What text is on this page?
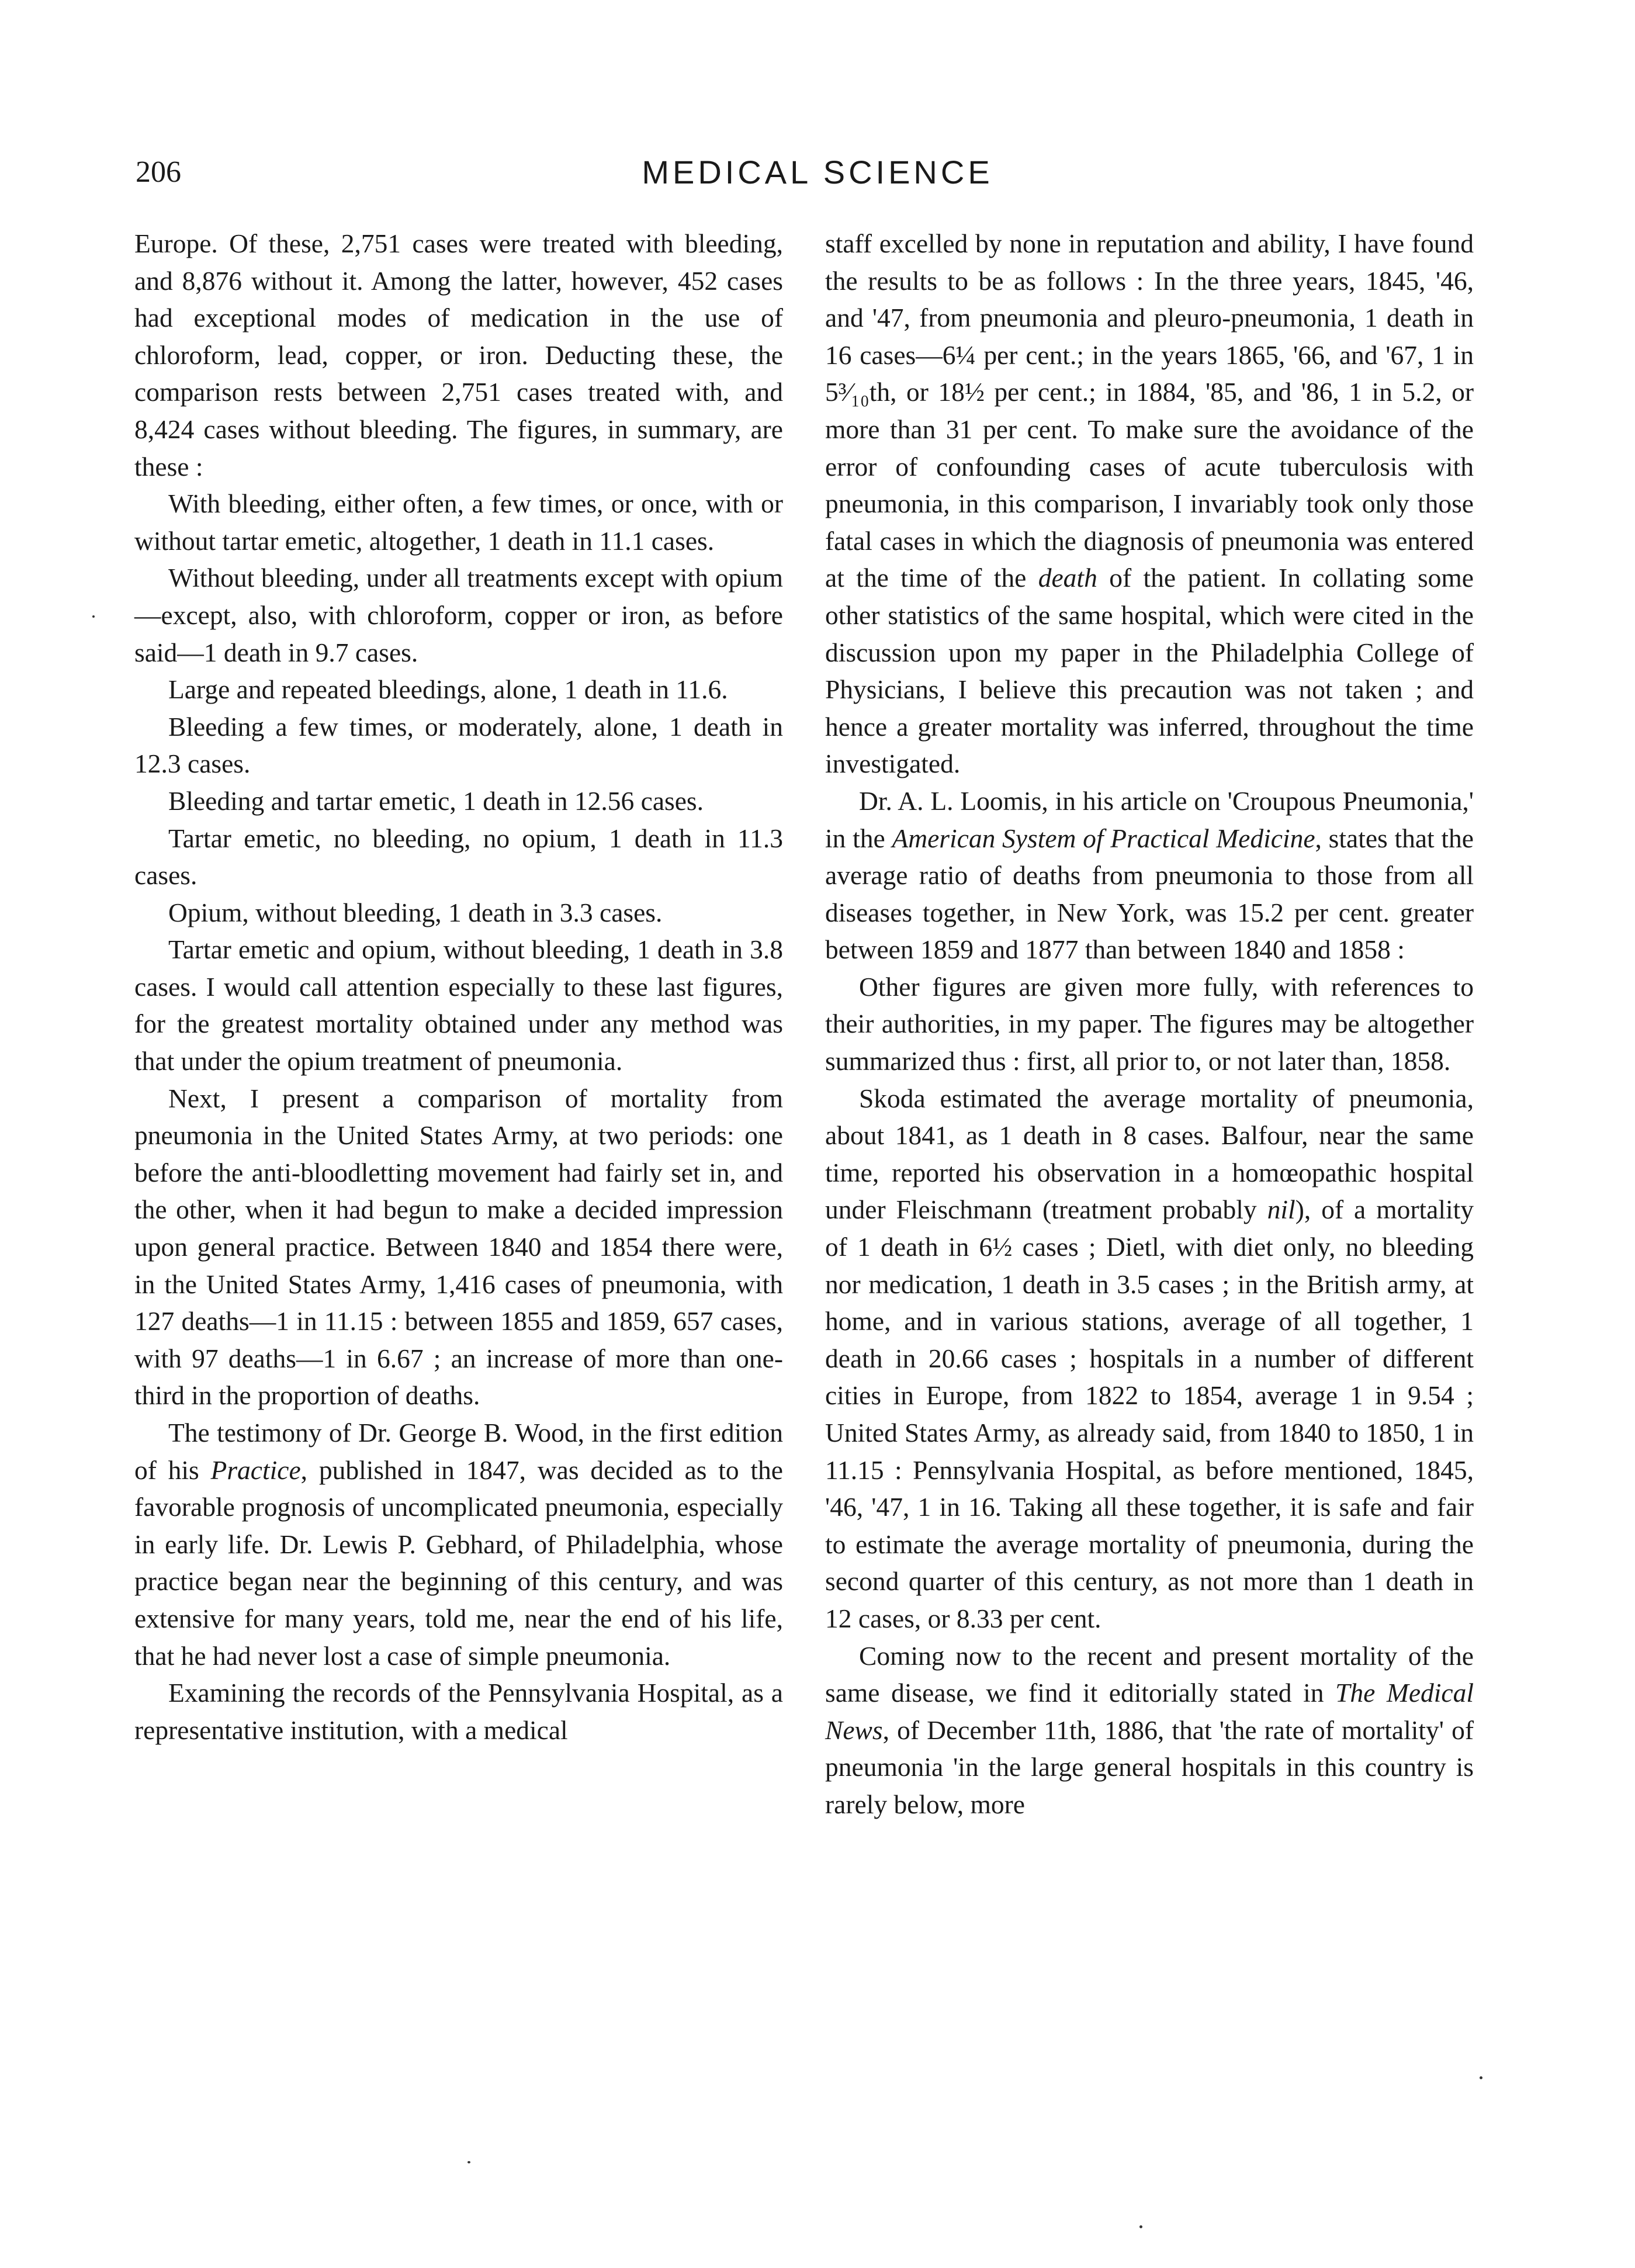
206	MEDICAL SCIENCE

Europe. Of these, 2,751 cases were treated with bleeding, and 8,876 without it. Among the latter, however, 452 cases had exceptional modes of medication in the use of chloroform, lead, copper, or iron. Deducting these, the comparison rests between 2,751 cases treated with, and 8,424 cases without bleeding. The figures, in summary, are these :

With bleeding, either often, a few times, or once, with or without tartar emetic, altogether, 1 death in 11.1 cases.

Without bleeding, under all treatments except with opium—except, also, with chloroform, copper or iron, as before said—1 death in 9.7 cases.

Large and repeated bleedings, alone, 1 death in 11.6.

Bleeding a few times, or moderately, alone, 1 death in 12.3 cases.

Bleeding and tartar emetic, 1 death in 12.56 cases.

Tartar emetic, no bleeding, no opium, 1 death in 11.3 cases.

Opium, without bleeding, 1 death in 3.3 cases.

Tartar emetic and opium, without bleeding, 1 death in 3.8 cases. I would call attention especially to these last figures, for the greatest mortality obtained under any method was that under the opium treatment of pneumonia.

Next, I present a comparison of mortality from pneumonia in the United States Army, at two periods: one before the anti-bloodletting movement had fairly set in, and the other, when it had begun to make a decided impression upon general practice. Between 1840 and 1854 there were, in the United States Army, 1,416 cases of pneumonia, with 127 deaths—1 in 11.15 : between 1855 and 1859, 657 cases, with 97 deaths—1 in 6.67 ; an increase of more than one-third in the proportion of deaths.

The testimony of Dr. George B. Wood, in the first edition of his Practice, published in 1847, was decided as to the favorable prognosis of uncomplicated pneumonia, especially in early life. Dr. Lewis P. Gebhard, of Philadelphia, whose practice began near the beginning of this century, and was extensive for many years, told me, near the end of his life, that he had never lost a case of simple pneumonia.

Examining the records of the Pennsylvania Hospital, as a representative institution, with a medical

staff excelled by none in reputation and ability, I have found the results to be as follows : In the three years, 1845, '46, and '47, from pneumonia and pleuro-pneumonia, 1 death in 16 cases—6¼ per cent.; in the years 1865, '66, and '67, 1 in 5³⁄₁₀th, or 18½ per cent.; in 1884, '85, and '86, 1 in 5.2, or more than 31 per cent. To make sure the avoidance of the error of confounding cases of acute tuberculosis with pneumonia, in this comparison, I invariably took only those fatal cases in which the diagnosis of pneumonia was entered at the time of the death of the patient. In collating some other statistics of the same hospital, which were cited in the discussion upon my paper in the Philadelphia College of Physicians, I believe this precaution was not taken ; and hence a greater mortality was inferred, throughout the time investigated.

Dr. A. L. Loomis, in his article on 'Croupous Pneumonia,' in the American System of Practical Medicine, states that the average ratio of deaths from pneumonia to those from all diseases together, in New York, was 15.2 per cent. greater between 1859 and 1877 than between 1840 and 1858 :

Other figures are given more fully, with references to their authorities, in my paper. The figures may be altogether summarized thus : first, all prior to, or not later than, 1858.

Skoda estimated the average mortality of pneumonia, about 1841, as 1 death in 8 cases. Balfour, near the same time, reported his observation in a homœopathic hospital under Fleischmann (treatment probably nil), of a mortality of 1 death in 6½ cases ; Dietl, with diet only, no bleeding nor medication, 1 death in 3.5 cases ; in the British army, at home, and in various stations, average of all together, 1 death in 20.66 cases ; hospitals in a number of different cities in Europe, from 1822 to 1854, average 1 in 9.54 ; United States Army, as already said, from 1840 to 1850, 1 in 11.15 : Pennsylvania Hospital, as before mentioned, 1845, '46, '47, 1 in 16. Taking all these together, it is safe and fair to estimate the average mortality of pneumonia, during the second quarter of this century, as not more than 1 death in 12 cases, or 8.33 per cent.

Coming now to the recent and present mortality of the same disease, we find it editorially stated in The Medical News, of December 11th, 1886, that 'the rate of mortality' of pneumonia 'in the large general hospitals in this country is rarely below, more
